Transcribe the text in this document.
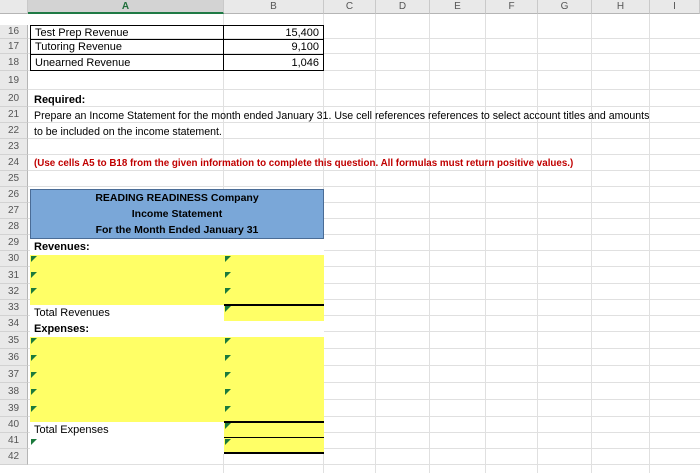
A	B	C	D	E	F	G	H	I
16
17
18
19
20
21
22
23
24
25
26
27
28
29
30
31
32
33
34
35
36
37
38
39
40
41
42
Test Prep Revenue	15,400
Tutoring Revenue	9,100
Unearned Revenue	1,046
Required:
Prepare an Income Statement for the month ended January 31. Use cell references references to select account titles and amounts
to be included on the income statement.
(Use cells A5 to B18 from the given information to complete this question. All formulas must return positive values.)
READING READINESS Company
Income Statement
For the Month Ended January 31
Revenues:
Total Revenues
Expenses:
Total Expenses
